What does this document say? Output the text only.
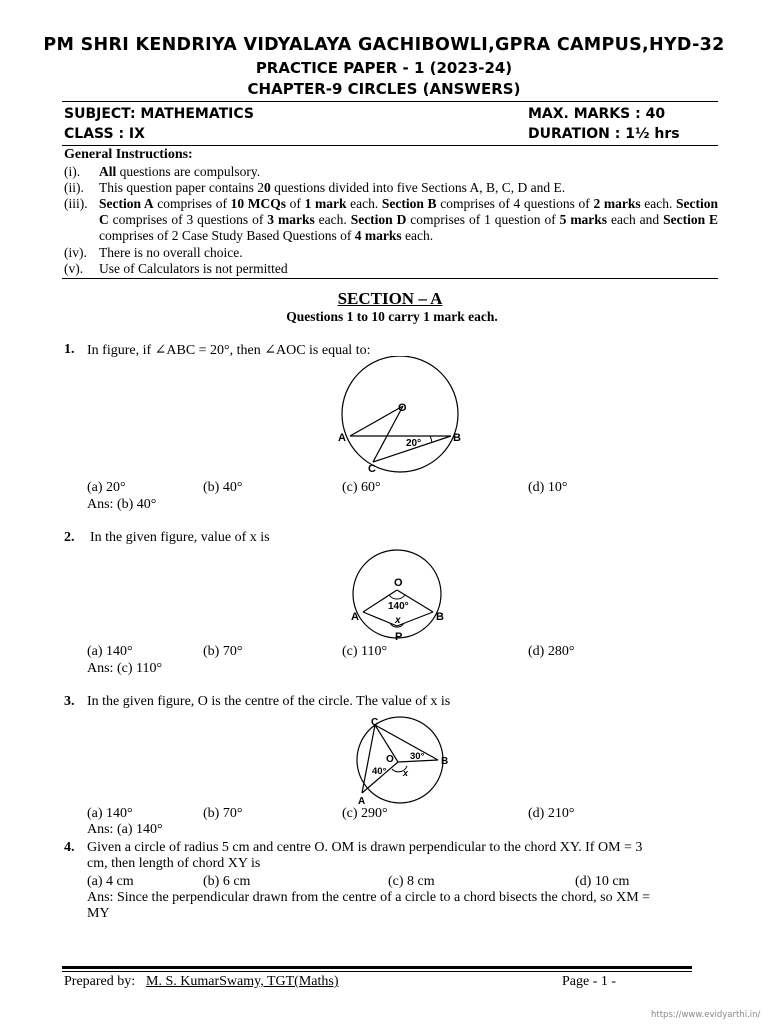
PM SHRI KENDRIYA VIDYALAYA GACHIBOWLI,GPRA CAMPUS,HYD-32
PRACTICE PAPER - 1 (2023-24)
CHAPTER-9 CIRCLES (ANSWERS)
SUBJECT: MATHEMATICS	MAX. MARKS : 40
CLASS : IX	DURATION : 1½ hrs
General Instructions:
(i). All questions are compulsory.
(ii). This question paper contains 20 questions divided into five Sections A, B, C, D and E.
(iii). Section A comprises of 10 MCQs of 1 mark each. Section B comprises of 4 questions of 2 marks each. Section C comprises of 3 questions of 3 marks each. Section D comprises of 1 question of 5 marks each and Section E comprises of 2 Case Study Based Questions of 4 marks each.
(iv). There is no overall choice.
(v). Use of Calculators is not permitted
SECTION – A
Questions 1 to 10 carry 1 mark each.
1. In figure, if ∠ABC = 20°, then ∠AOC is equal to:
O
A	B
C
20°
(a) 20°	(b) 40°	(c) 60°	(d) 10°
Ans: (b) 40°
2. In the given figure, value of x is
O
140°
x
A	B
P
(a) 140°	(b) 70°	(c) 110°	(d) 280°
Ans: (c) 110°
3. In the given figure, O is the centre of the circle. The value of x is
O
C
B
A
30°
40° x
(a) 140°	(b) 70°	(c) 290°	(d) 210°
Ans: (a) 140°
4. Given a circle of radius 5 cm and centre O. OM is drawn perpendicular to the chord XY. If OM = 3
cm, then length of chord XY is
(a) 4 cm	(b) 6 cm	(c) 8 cm	(d) 10 cm
Ans: Since the perpendicular drawn from the centre of a circle to a chord bisects the chord, so XM =
MY
Prepared by: M. S. KumarSwamy, TGT(Maths)	Page - 1 -
https://www.evidyarthi.in/
